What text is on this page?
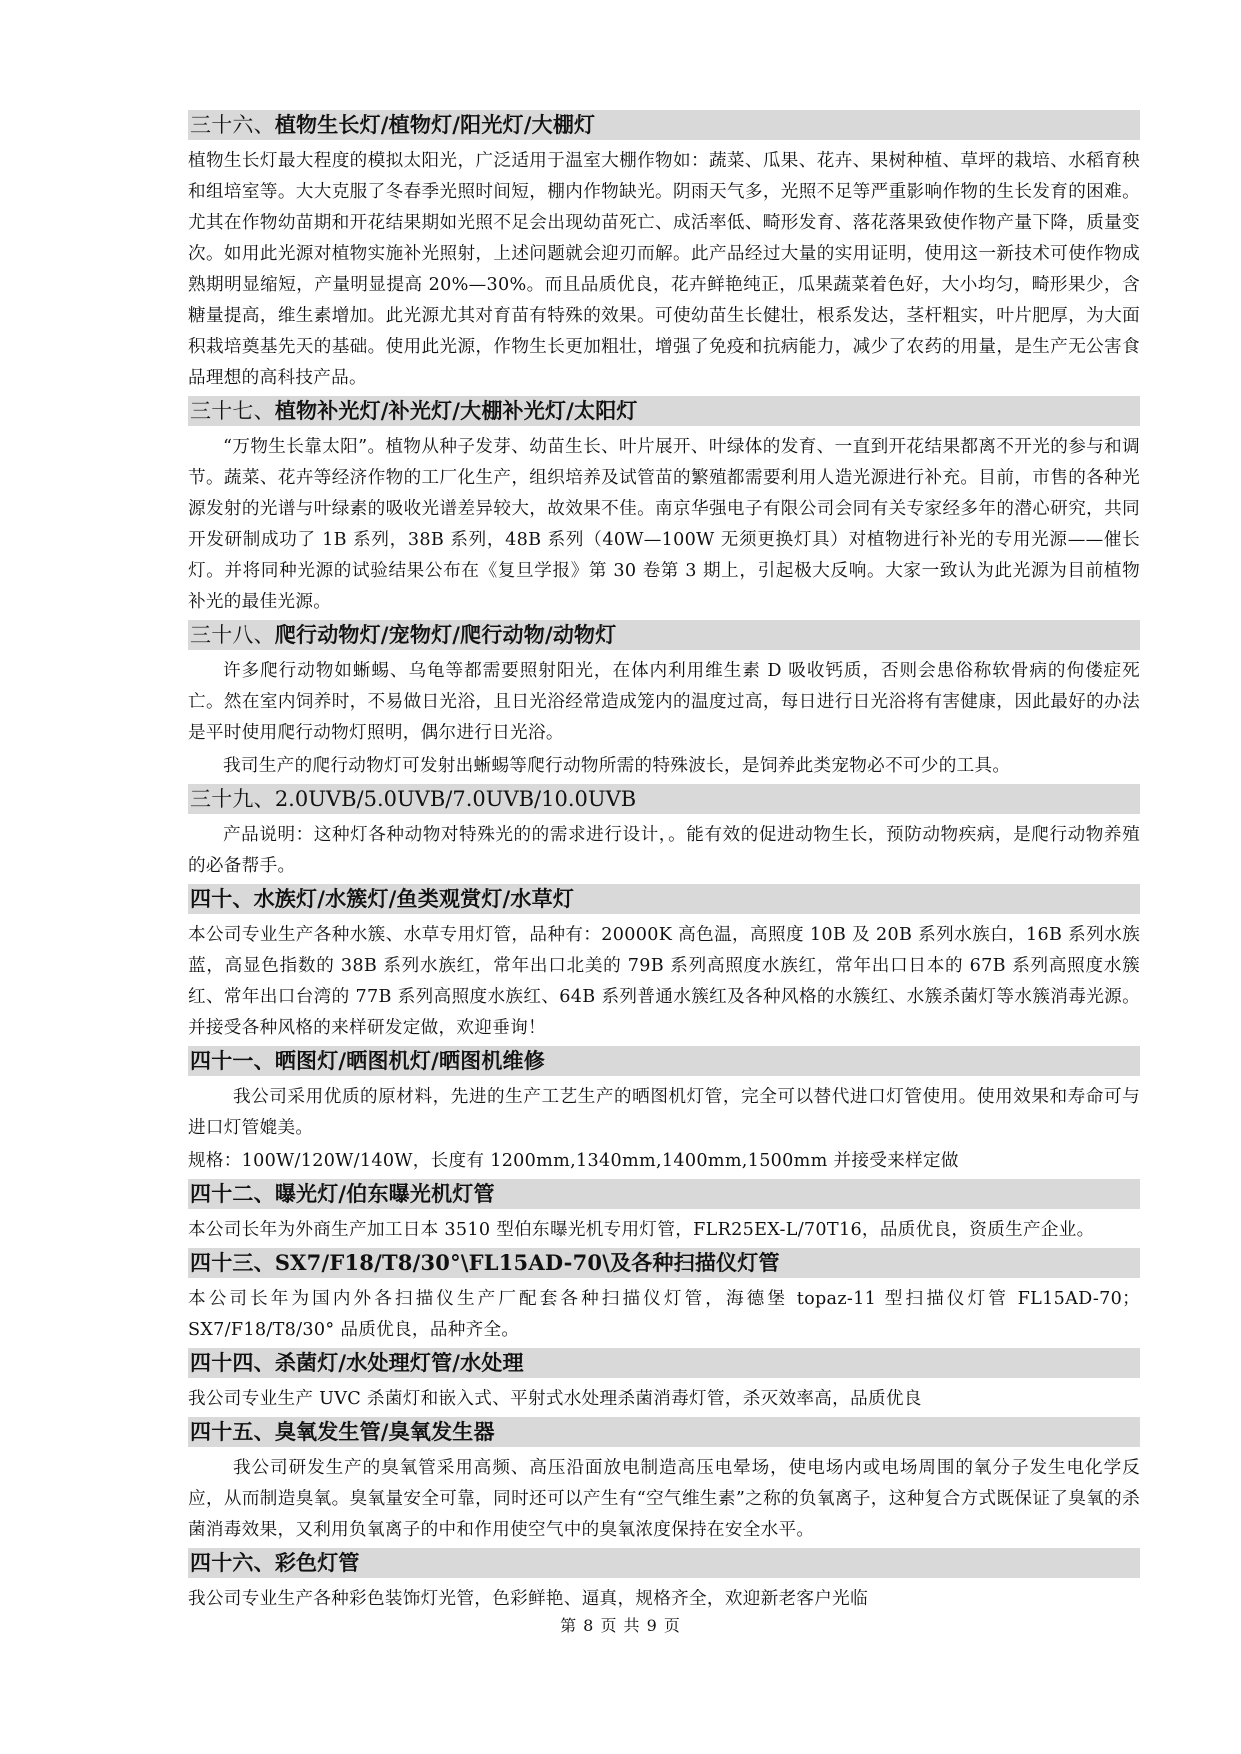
三十六、植物生长灯/植物灯/阳光灯/大棚灯

植物生长灯最大程度的模拟太阳光，广泛适用于温室大棚作物如：蔬菜、瓜果、花卉、果树种植、草坪的栽培、水稻育秧和组培室等。大大克服了冬春季光照时间短，棚内作物缺光。阴雨天气多，光照不足等严重影响作物的生长发育的困难。尤其在作物幼苗期和开花结果期如光照不足会出现幼苗死亡、成活率低、畸形发育、落花落果致使作物产量下降，质量变次。如用此光源对植物实施补光照射，上述问题就会迎刃而解。此产品经过大量的实用证明，使用这一新技术可使作物成熟期明显缩短，产量明显提高 20%—30%。而且品质优良，花卉鲜艳纯正，瓜果蔬菜着色好，大小均匀，畸形果少，含糖量提高，维生素增加。此光源尤其对育苗有特殊的效果。可使幼苗生长健壮，根系发达，茎杆粗实，叶片肥厚，为大面积栽培奠基先天的基础。使用此光源，作物生长更加粗壮，增强了免疫和抗病能力，减少了农药的用量，是生产无公害食品理想的高科技产品。

三十七、植物补光灯/补光灯/大棚补光灯/太阳灯

“万物生长靠太阳”。植物从种子发芽、幼苗生长、叶片展开、叶绿体的发育、一直到开花结果都离不开光的参与和调节。蔬菜、花卉等经济作物的工厂化生产，组织培养及试管苗的繁殖都需要利用人造光源进行补充。目前，市售的各种光源发射的光谱与叶绿素的吸收光谱差异较大，故效果不佳。南京华强电子有限公司会同有关专家经多年的潜心研究，共同开发研制成功了 1B 系列，38B 系列，48B 系列（40W—100W 无须更换灯具）对植物进行补光的专用光源——催长灯。并将同种光源的试验结果公布在《复旦学报》第 30 卷第 3 期上，引起极大反响。大家一致认为此光源为目前植物补光的最佳光源。

三十八、爬行动物灯/宠物灯/爬行动物/动物灯

许多爬行动物如蜥蜴、乌龟等都需要照射阳光，在体内利用维生素 D 吸收钙质，否则会患俗称软骨病的佝偻症死亡。然在室内饲养时，不易做日光浴，且日光浴经常造成笼内的温度过高，每日进行日光浴将有害健康，因此最好的办法是平时使用爬行动物灯照明，偶尔进行日光浴。

我司生产的爬行动物灯可发射出蜥蜴等爬行动物所需的特殊波长，是饲养此类宠物必不可少的工具。

三十九、2.0UVB/5.0UVB/7.0UVB/10.0UVB

产品说明：这种灯各种动物对特殊光的的需求进行设计，。能有效的促进动物生长，预防动物疾病，是爬行动物养殖的必备帮手。

四十、水族灯/水簇灯/鱼类观赏灯/水草灯

本公司专业生产各种水簇、水草专用灯管，品种有：20000K 高色温，高照度 10B 及 20B 系列水族白，16B 系列水族蓝，高显色指数的 38B 系列水族红，常年出口北美的 79B 系列高照度水族红，常年出口日本的 67B 系列高照度水簇红、常年出口台湾的 77B 系列高照度水族红、64B 系列普通水簇红及各种风格的水簇红、水簇杀菌灯等水簇消毒光源。并接受各种风格的来样研发定做，欢迎垂询！

四十一、晒图灯/晒图机灯/晒图机维修

我公司采用优质的原材料，先进的生产工艺生产的晒图机灯管，完全可以替代进口灯管使用。使用效果和寿命可与进口灯管媲美。

规格：100W/120W/140W，长度有 1200mm,1340mm,1400mm,1500mm 并接受来样定做

四十二、曝光灯/伯东曝光机灯管

本公司长年为外商生产加工日本 3510 型伯东曝光机专用灯管，FLR25EX-L/70T16，品质优良，资质生产企业。

四十三、SX7/F18/T8/30°\FL15AD-70\及各种扫描仪灯管

本公司长年为国内外各扫描仪生产厂配套各种扫描仪灯管，海德堡 topaz-11 型扫描仪灯管 FL15AD-70；SX7/F18/T8/30° 品质优良，品种齐全。

四十四、杀菌灯/水处理灯管/水处理

我公司专业生产 UVC 杀菌灯和嵌入式、平射式水处理杀菌消毒灯管，杀灭效率高，品质优良

四十五、臭氧发生管/臭氧发生器

我公司研发生产的臭氧管采用高频、高压沿面放电制造高压电晕场，使电场内或电场周围的氧分子发生电化学反应，从而制造臭氧。臭氧量安全可靠，同时还可以产生有“空气维生素”之称的负氧离子，这种复合方式既保证了臭氧的杀菌消毒效果，又利用负氧离子的中和作用使空气中的臭氧浓度保持在安全水平。

四十六、彩色灯管

我公司专业生产各种彩色装饰灯光管，色彩鲜艳、逼真，规格齐全，欢迎新老客户光临

第 8 页 共 9 页
